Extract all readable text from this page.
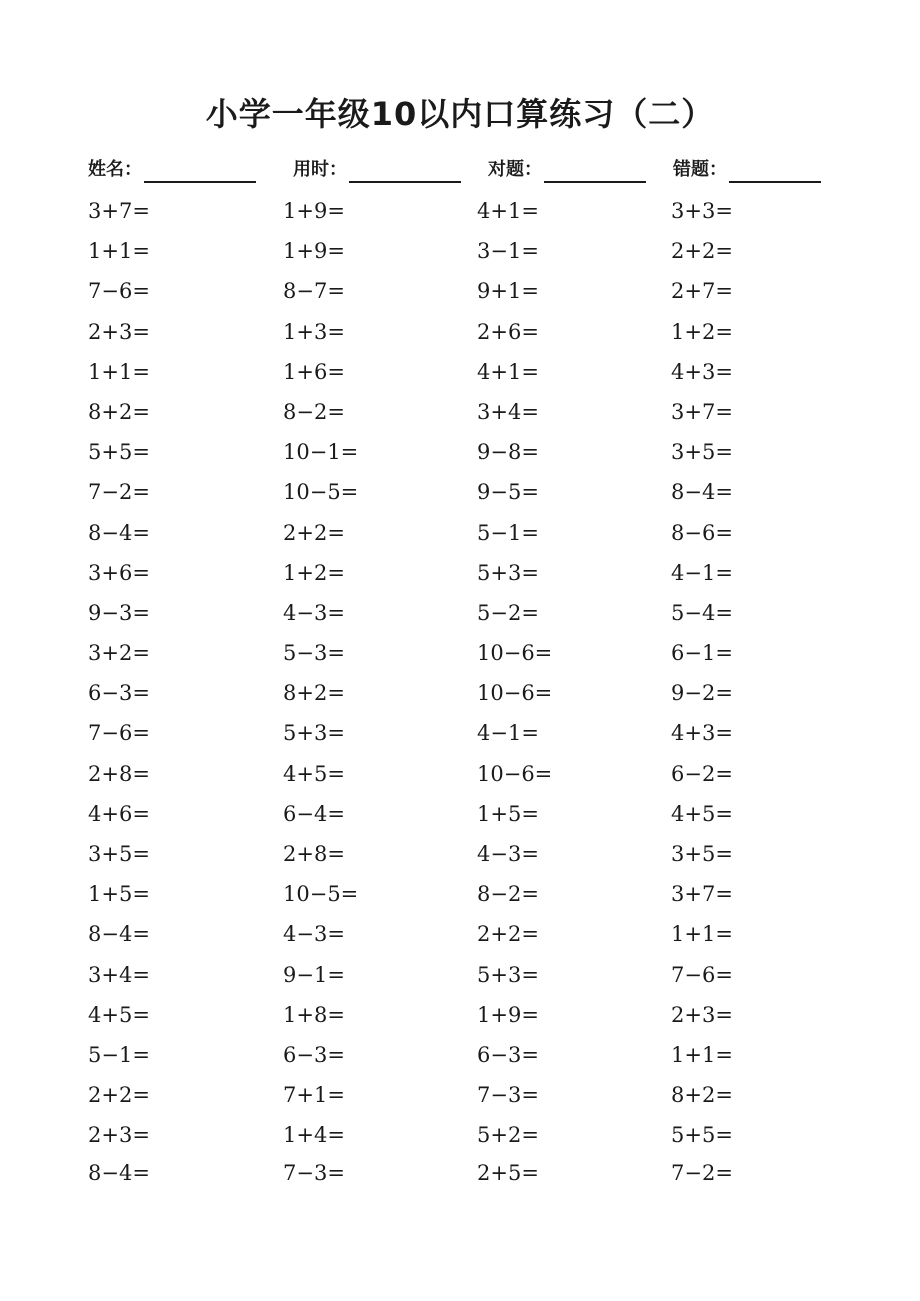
小学一年级10以内口算练习（二）
姓名：	用时：	对题：	错题：
3+7=	1+9=	4+1=	3+3=
1+1=	1+9=	3−1=	2+2=
7−6=	8−7=	9+1=	2+7=
2+3=	1+3=	2+6=	1+2=
1+1=	1+6=	4+1=	4+3=
8+2=	8−2=	3+4=	3+7=
5+5=	10−1=	9−8=	3+5=
7−2=	10−5=	9−5=	8−4=
8−4=	2+2=	5−1=	8−6=
3+6=	1+2=	5+3=	4−1=
9−3=	4−3=	5−2=	5−4=
3+2=	5−3=	10−6=	6−1=
6−3=	8+2=	10−6=	9−2=
7−6=	5+3=	4−1=	4+3=
2+8=	4+5=	10−6=	6−2=
4+6=	6−4=	1+5=	4+5=
3+5=	2+8=	4−3=	3+5=
1+5=	10−5=	8−2=	3+7=
8−4=	4−3=	2+2=	1+1=
3+4=	9−1=	5+3=	7−6=
4+5=	1+8=	1+9=	2+3=
5−1=	6−3=	6−3=	1+1=
2+2=	7+1=	7−3=	8+2=
2+3=	1+4=	5+2=	5+5=
8−4=	7−3=	2+5=	7−2=
